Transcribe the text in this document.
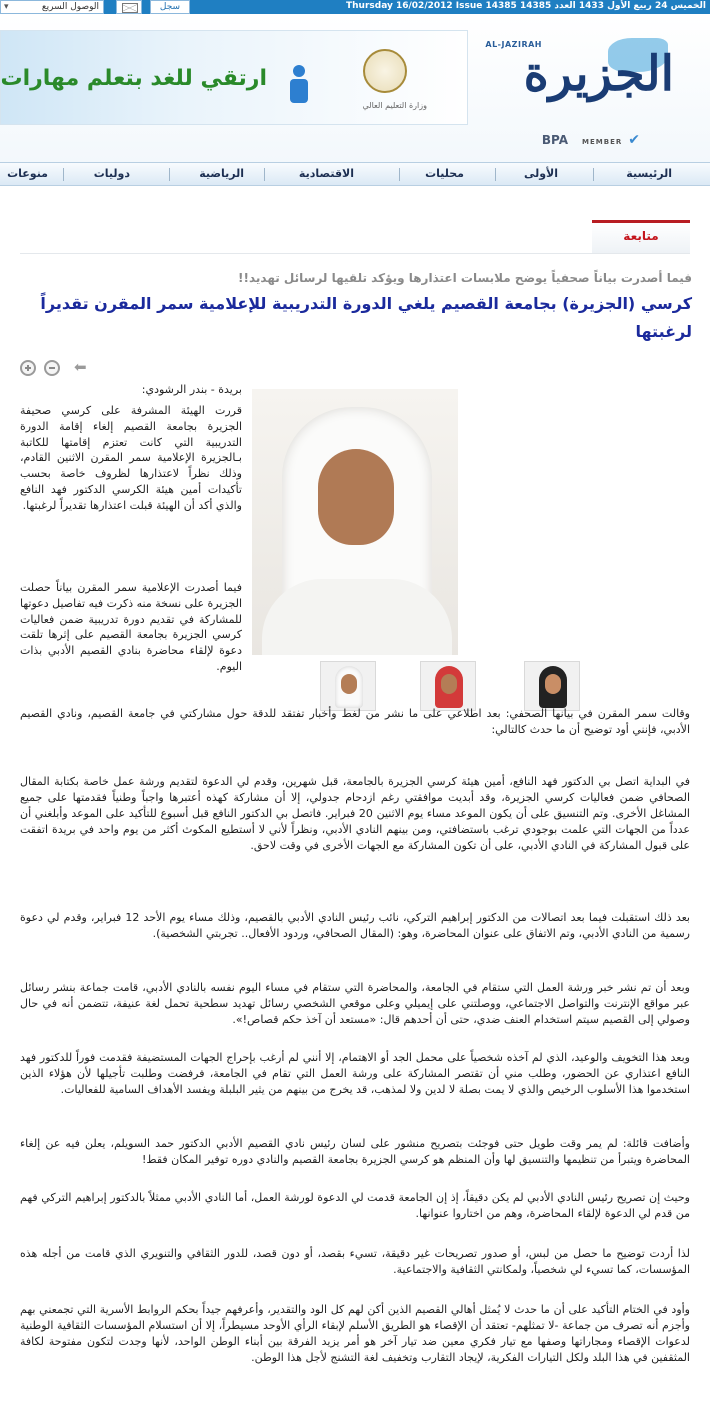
الخميس 24 ربيع الأول 1433 العدد 14385 Thursday 16/02/2012 Issue 14385
سجل
▾ الوصول السريع
ارتقي للغد بتعلم مهارات
وزارة التعليم العالي
AL-JAZIRAH
الجزيرة
BPA MEMBER ✔
الرئيسية
الأولى
محليات
الاقتصادية
الرياضية
دوليات
منوعات
متابعة
فيما أصدرت بياناً صحفياً يوضح ملابسات اعتذارها ويؤكد تلقيها لرسائل تهديد!!
كرسي (الجزيرة) بجامعة القصيم يلغي الدورة التدريبية للإعلامية سمر المقرن تقديراً لرغبتها
⬅
بريدة - بندر الرشودي:

قررت الهيئة المشرفة على كرسي صحيفة الجزيرة بجامعة القصيم إلغاء إقامة الدورة التدريبية التي كانت تعتزم إقامتها للكاتبة بـالجزيرة الإعلامية سمر المقرن الاثنين القادم، وذلك نظراً لاعتذارها لظروف خاصة بحسب تأكيدات أمين هيئة الكرسي الدكتور فهد النافع والذي أكد أن الهيئة قبلت اعتذارها تقديراً لرغبتها.

فيما أصدرت الإعلامية سمر المقرن بياناً حصلت الجزيرة على نسخة منه ذكرت فيه تفاصيل دعوتها للمشاركة في تقديم دورة تدريبية ضمن فعاليات كرسي الجزيرة بجامعة القصيم على إثرها تلقت دعوة لإلقاء محاضرة بنادي القصيم الأدبي بذات اليوم.

وقالت سمر المقرن في بيانها الصحفي: بعد اطلاعي على ما نشر من لغط وأخبار تفتقد للدقة حول مشاركتي في جامعة القصيم، ونادي القصيم الأدبي، فإنني أود توضيح أن ما حدث كالتالي:

في البداية اتصل بي الدكتور فهد النافع، أمين هيئة كرسي الجزيرة بالجامعة، قبل شهرين، وقدم لي الدعوة لتقديم ورشة عمل خاصة بكتابة المقال الصحافي ضمن فعاليات كرسي الجزيرة، وقد أبديت موافقتي رغم ازدحام جدولي، إلا أن مشاركة كهذه أعتبرها واجباً وطنياً فقدمتها على جميع المشاغل الأخرى. وتم التنسيق على أن يكون الموعد مساء يوم الاثنين 20 فبراير. فاتصل بي الدكتور النافع قبل أسبوع للتأكيد على الموعد وأبلغني أن عدداً من الجهات التي علمت بوجودي ترغب باستضافتي، ومن بينهم النادي الأدبي، ونظراً لأني لا أستطيع المكوث أكثر من يوم واحد في بريدة اتفقت على قبول المشاركة في النادي الأدبي، على أن تكون المشاركة مع الجهات الأخرى في وقت لاحق.

بعد ذلك استقبلت فيما بعد اتصالات من الدكتور إبراهيم التركي، نائب رئيس النادي الأدبي بالقصيم، وذلك مساء يوم الأحد 12 فبراير، وقدم لي دعوة رسمية من النادي الأدبي، وتم الاتفاق على عنوان المحاضرة، وهو: (المقال الصحافي، وردود الأفعال.. تجربتي الشخصية).

وبعد أن تم نشر خبر ورشة العمل التي ستقام في الجامعة، والمحاضرة التي ستقام في مساء اليوم نفسه بالنادي الأدبي، قامت جماعة بنشر رسائل عبر مواقع الإنترنت والتواصل الاجتماعي، ووصلتني على إيميلي وعلى موقعي الشخصي رسائل تهديد سطحية تحمل لغة عنيفة، تتضمن أنه في حال وصولي إلى القصيم سيتم استخدام العنف ضدي، حتى أن أحدهم قال: «مستعد أن آخذ حكم قصاص!».

وبعد هذا التخويف والوعيد، الذي لم آخذه شخصياً على محمل الجد أو الاهتمام، إلا أنني لم أرغب بإحراج الجهات المستضيفة فقدمت فوراً للدكتور فهد النافع اعتذاري عن الحضور، وطلب مني أن تقتصر المشاركة على ورشة العمل التي تقام في الجامعة، فرفضت وطلبت تأجيلها لأن هؤلاء الذين استخدموا هذا الأسلوب الرخيص والذي لا يمت بصلة لا لدين ولا لمذهب، قد يخرج من بينهم من يثير البلبلة ويفسد الأهداف السامية للفعاليات.

وأضافت قائلة: لم يمر وقت طويل حتى فوجئت بتصريح منشور على لسان رئيس نادي القصيم الأدبي الدكتور حمد السويلم، يعلن فيه عن إلغاء المحاضرة ويتبرأ من تنظيمها والتنسيق لها وأن المنظم هو كرسي الجزيرة بجامعة القصيم والنادي دوره توفير المكان فقط!

وحيث إن تصريح رئيس النادي الأدبي لم يكن دقيقاً، إذ إن الجامعة قدمت لي الدعوة لورشة العمل، أما النادي الأدبي ممثلاً بالدكتور إبراهيم التركي فهم من قدم لي الدعوة لإلقاء المحاضرة، وهم من اختاروا عنوانها.

لذا أردت توضيح ما حصل من لبس، أو صدور تصريحات غير دقيقة، تسيء بقصد، أو دون قصد، للدور الثقافي والتنويري الذي قامت من أجله هذه المؤسسات، كما تسيء لي شخصياً، ولمكانتي الثقافية والاجتماعية.

وأود في الختام التأكيد على أن ما حدث لا يُمثل أهالي القصيم الذين أكن لهم كل الود والتقدير، وأعرفهم جيداً بحكم الروابط الأسرية التي تجمعني بهم وأجزم أنه تصرف من جماعة -لا تمثلهم- تعتقد أن الإقصاء هو الطريق الأسلم لإبقاء الرأي الأوحد مسيطراً، إلا أن استسلام المؤسسات الثقافية الوطنية لدعوات الإقصاء ومجاراتها وصفها مع تيار فكري معين ضد تيار آخر هو أمر يزيد الفرقة بين أبناء الوطن الواحد، لأنها وجدت لتكون مفتوحة لكافة المثقفين في هذا البلد ولكل التيارات الفكرية، لإيجاد التقارب وتخفيف لغة التشنج لأجل هذا الوطن.
